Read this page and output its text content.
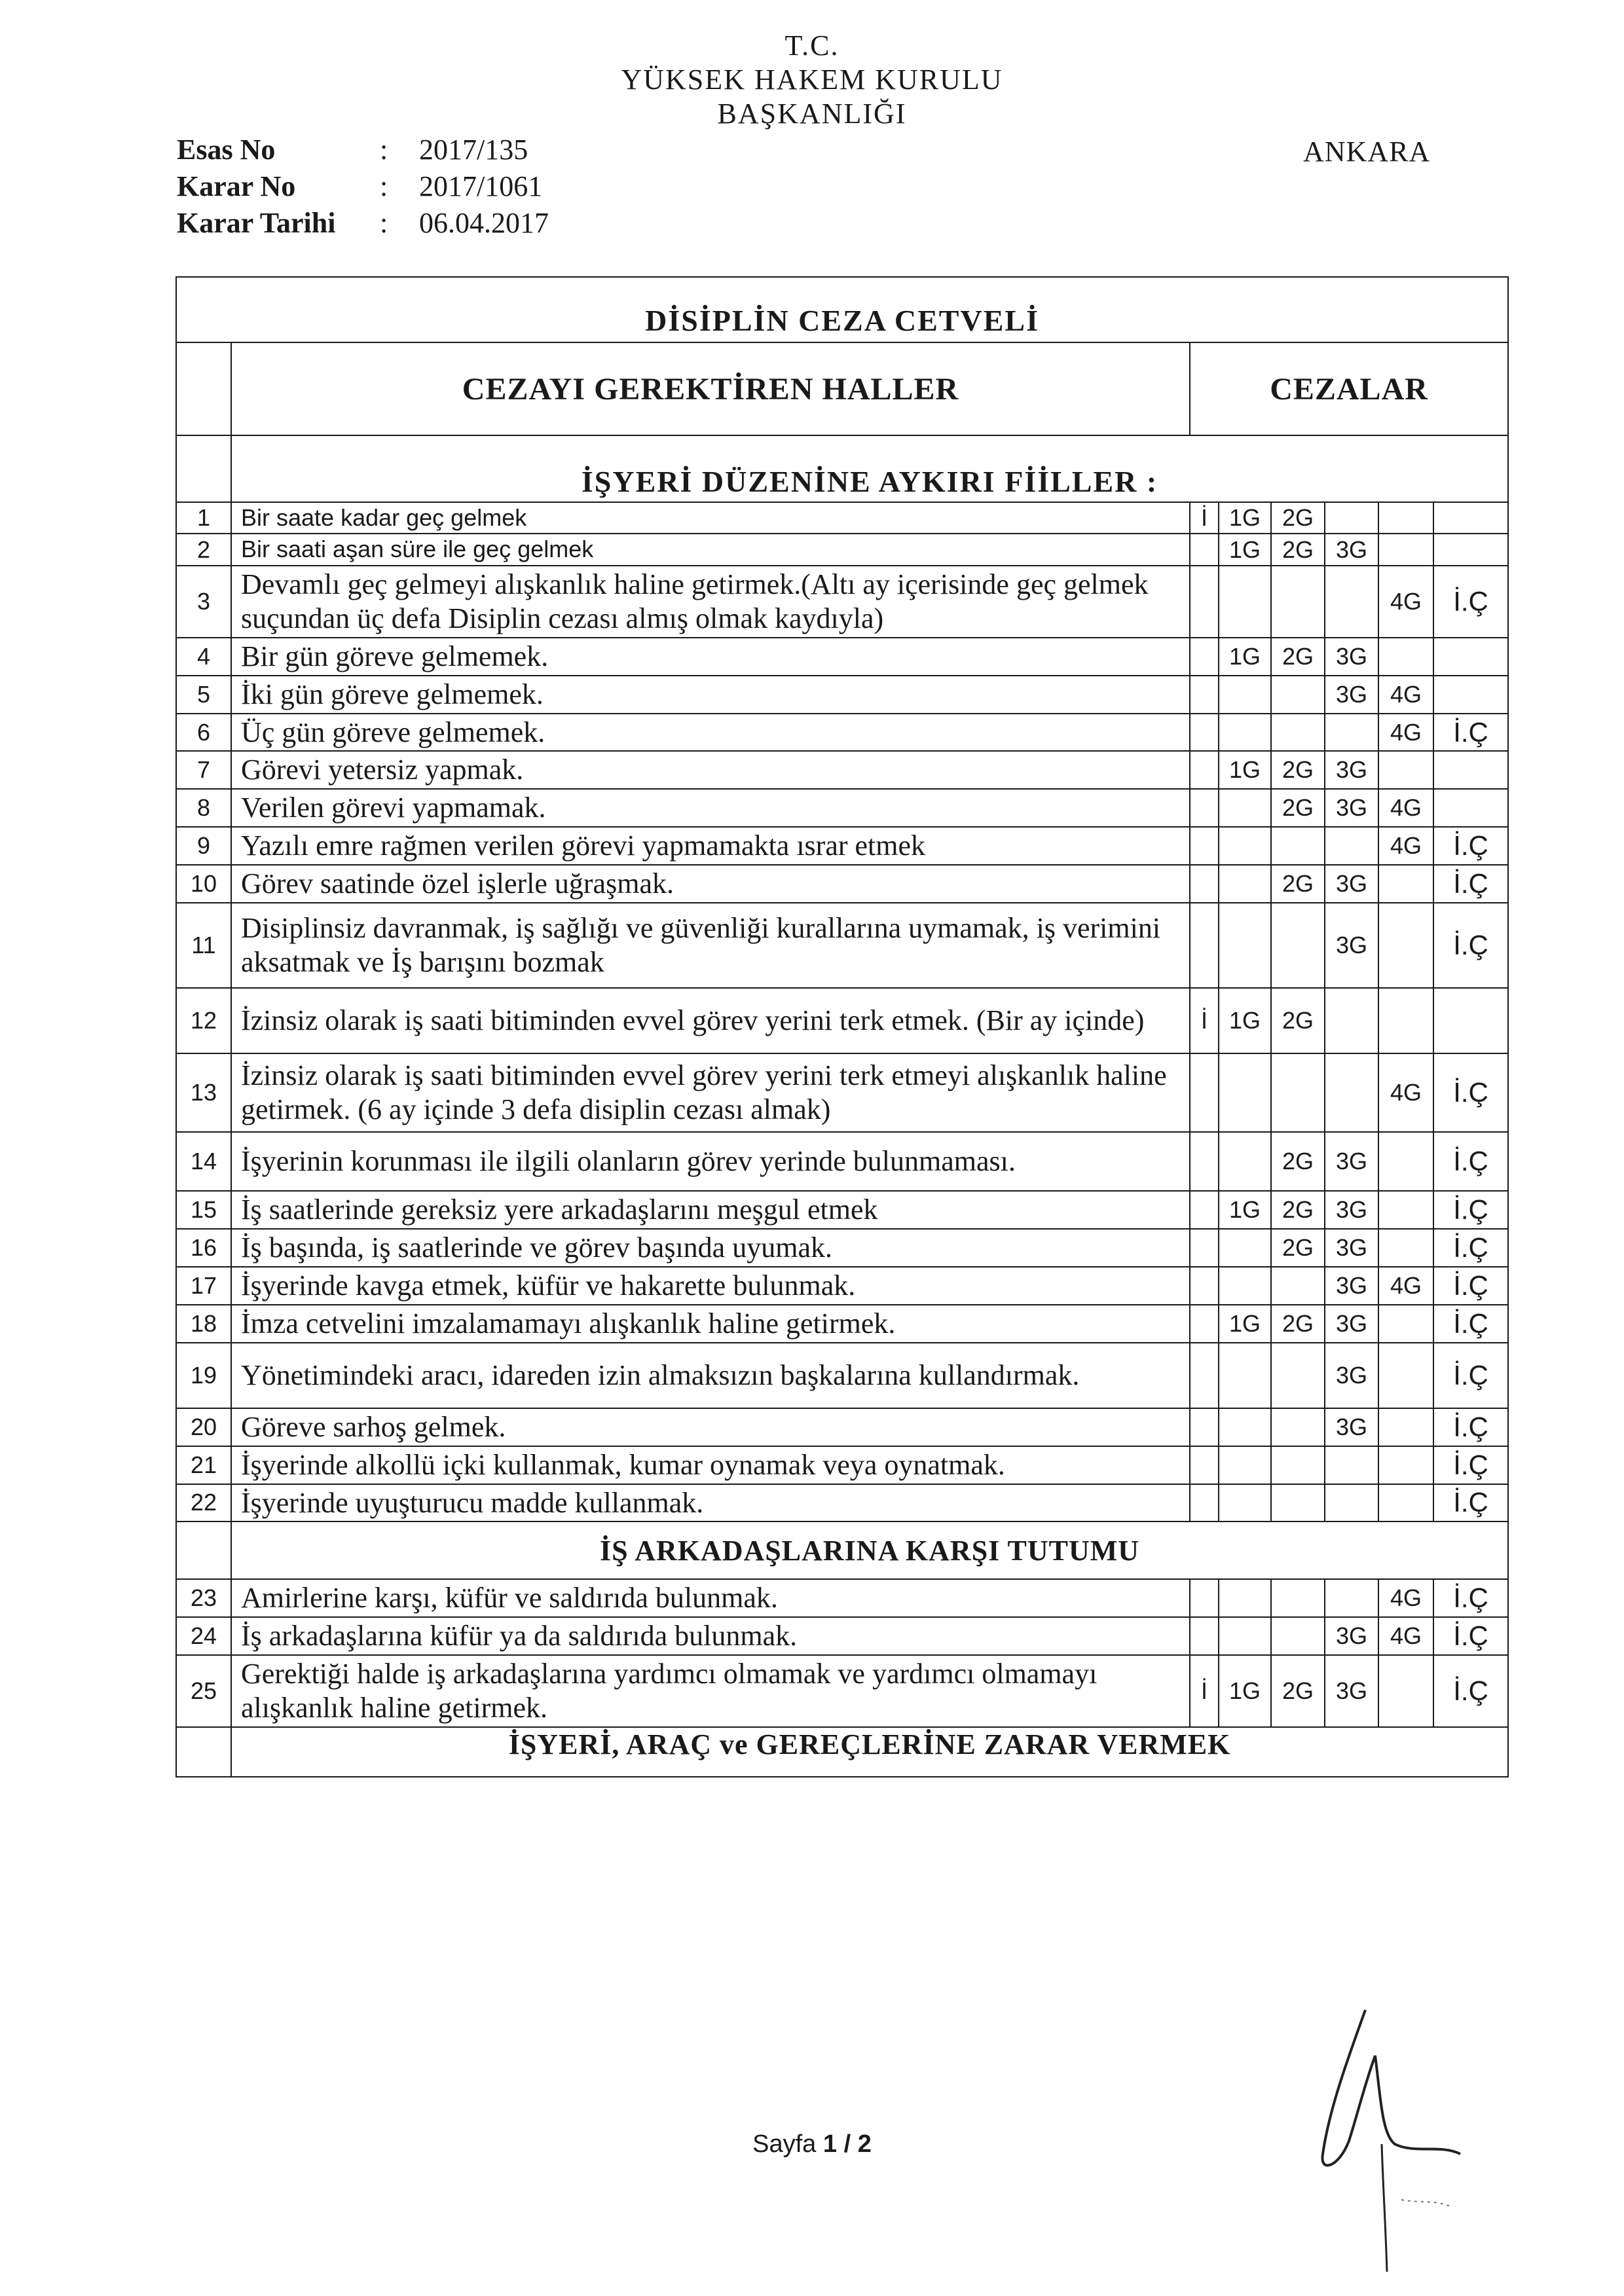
T.C.
YÜKSEK HAKEM KURULU
BAŞKANLIĞI
Esas No	:	2017/135
Karar No	:	2017/1061
Karar Tarihi	:	06.04.2017
ANKARA
DİSİPLİN CEZA CETVELİ							
	CEZAYI GEREKTİREN HALLER	CEZALAR					
	İŞYERİ DÜZENİNE AYKIRI FİİLLER :						
1	Bir saate kadar geç gelmek	İ	1G	2G			
2	Bir saati aşan süre ile geç gelmek		1G	2G	3G		
3	Devamlı geç gelmeyi alışkanlık haline getirmek.(Altı ay içerisinde geç gelmek suçundan üç defa Disiplin cezası almış olmak kaydıyla)					4G	İ.Ç
4	Bir gün göreve gelmemek.		1G	2G	3G		
5	İki gün göreve gelmemek.				3G	4G	
6	Üç gün göreve gelmemek.					4G	İ.Ç
7	Görevi yetersiz yapmak.		1G	2G	3G		
8	Verilen görevi yapmamak.			2G	3G	4G	
9	Yazılı emre rağmen verilen görevi yapmamakta ısrar etmek					4G	İ.Ç
10	Görev saatinde özel işlerle uğraşmak.			2G	3G		İ.Ç
11	Disiplinsiz davranmak, iş sağlığı ve güvenliği kurallarına uymamak, iş verimini aksatmak ve İş barışını bozmak				3G		İ.Ç
12	İzinsiz olarak iş saati bitiminden evvel görev yerini terk etmek. (Bir ay içinde)	İ	1G	2G			
13	İzinsiz olarak iş saati bitiminden evvel görev yerini terk etmeyi alışkanlık haline getirmek. (6 ay içinde 3 defa disiplin cezası almak)					4G	İ.Ç
14	İşyerinin korunması ile ilgili olanların görev yerinde bulunmaması.			2G	3G		İ.Ç
15	İş saatlerinde gereksiz yere arkadaşlarını meşgul etmek		1G	2G	3G		İ.Ç
16	İş başında, iş saatlerinde ve görev başında uyumak.			2G	3G		İ.Ç
17	İşyerinde kavga etmek, küfür ve hakarette bulunmak.				3G	4G	İ.Ç
18	İmza cetvelini imzalamamayı alışkanlık haline getirmek.		1G	2G	3G		İ.Ç
19	Yönetimindeki aracı, idareden izin almaksızın başkalarına kullandırmak.				3G		İ.Ç
20	Göreve sarhoş gelmek.				3G		İ.Ç
21	İşyerinde alkollü içki kullanmak, kumar oynamak veya oynatmak.						İ.Ç
22	İşyerinde uyuşturucu madde kullanmak.						İ.Ç
	İŞ ARKADAŞLARINA KARŞI TUTUMU						
23	Amirlerine karşı, küfür ve saldırıda bulunmak.					4G	İ.Ç
24	İş arkadaşlarına küfür ya da saldırıda bulunmak.				3G	4G	İ.Ç
25	Gerektiği halde iş arkadaşlarına yardımcı olmamak ve yardımcı olmamayı alışkanlık haline getirmek.	İ	1G	2G	3G		İ.Ç
	İŞYERİ, ARAÇ ve GEREÇLERİNE ZARAR VERMEK						
Sayfa 1 / 2
